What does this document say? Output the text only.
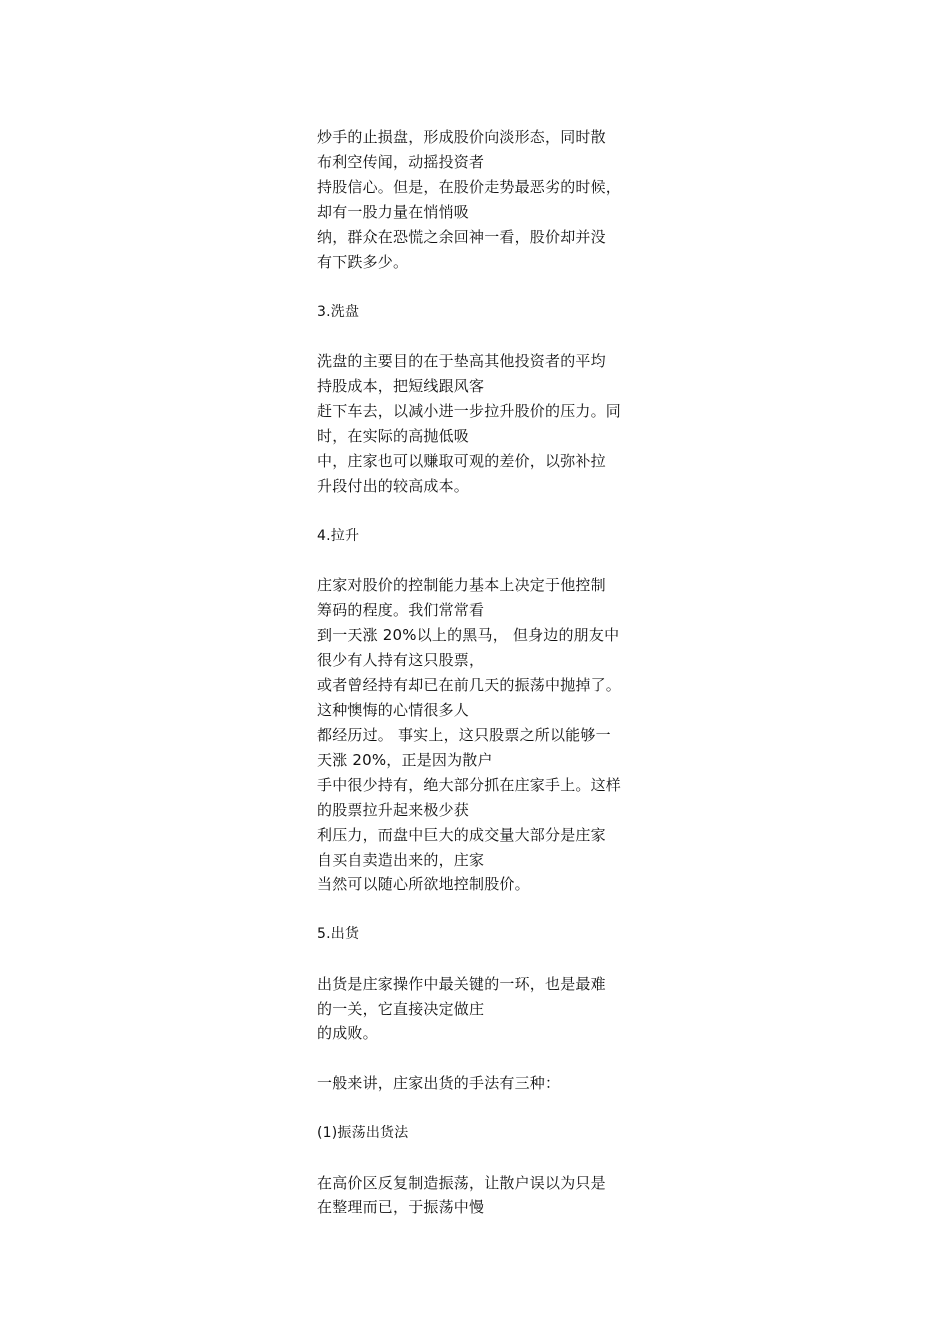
炒手的止损盘，形成股价向淡形态，同时散

布利空传闻，动摇投资者

持股信心。但是，在股价走势最恶劣的时候，

却有一股力量在悄悄吸

纳，群众在恐慌之余回神一看，股价却并没

有下跌多少。

3.洗盘

洗盘的主要目的在于垫高其他投资者的平均

持股成本，把短线跟风客

赶下车去，以减小进一步拉升股价的压力。同

时，在实际的高抛低吸

中，庄家也可以赚取可观的差价，以弥补拉

升段付出的较高成本。

4.拉升

庄家对股价的控制能力基本上决定于他控制

筹码的程度。我们常常看

到一天涨 20%以上的黑马， 但身边的朋友中

很少有人持有这只股票，

或者曾经持有却已在前几天的振荡中抛掉了。

这种懊悔的心情很多人

都经历过。 事实上，这只股票之所以能够一

天涨 20%，正是因为散户

手中很少持有，绝大部分抓在庄家手上。这样

的股票拉升起来极少获

利压力，而盘中巨大的成交量大部分是庄家

自买自卖造出来的，庄家

当然可以随心所欲地控制股价。

5.出货

出货是庄家操作中最关键的一环，也是最难

的一关，它直接决定做庄

的成败。

一般来讲，庄家出货的手法有三种：

(1)振荡出货法

在高价区反复制造振荡，让散户误以为只是

在整理而已，于振荡中慢
